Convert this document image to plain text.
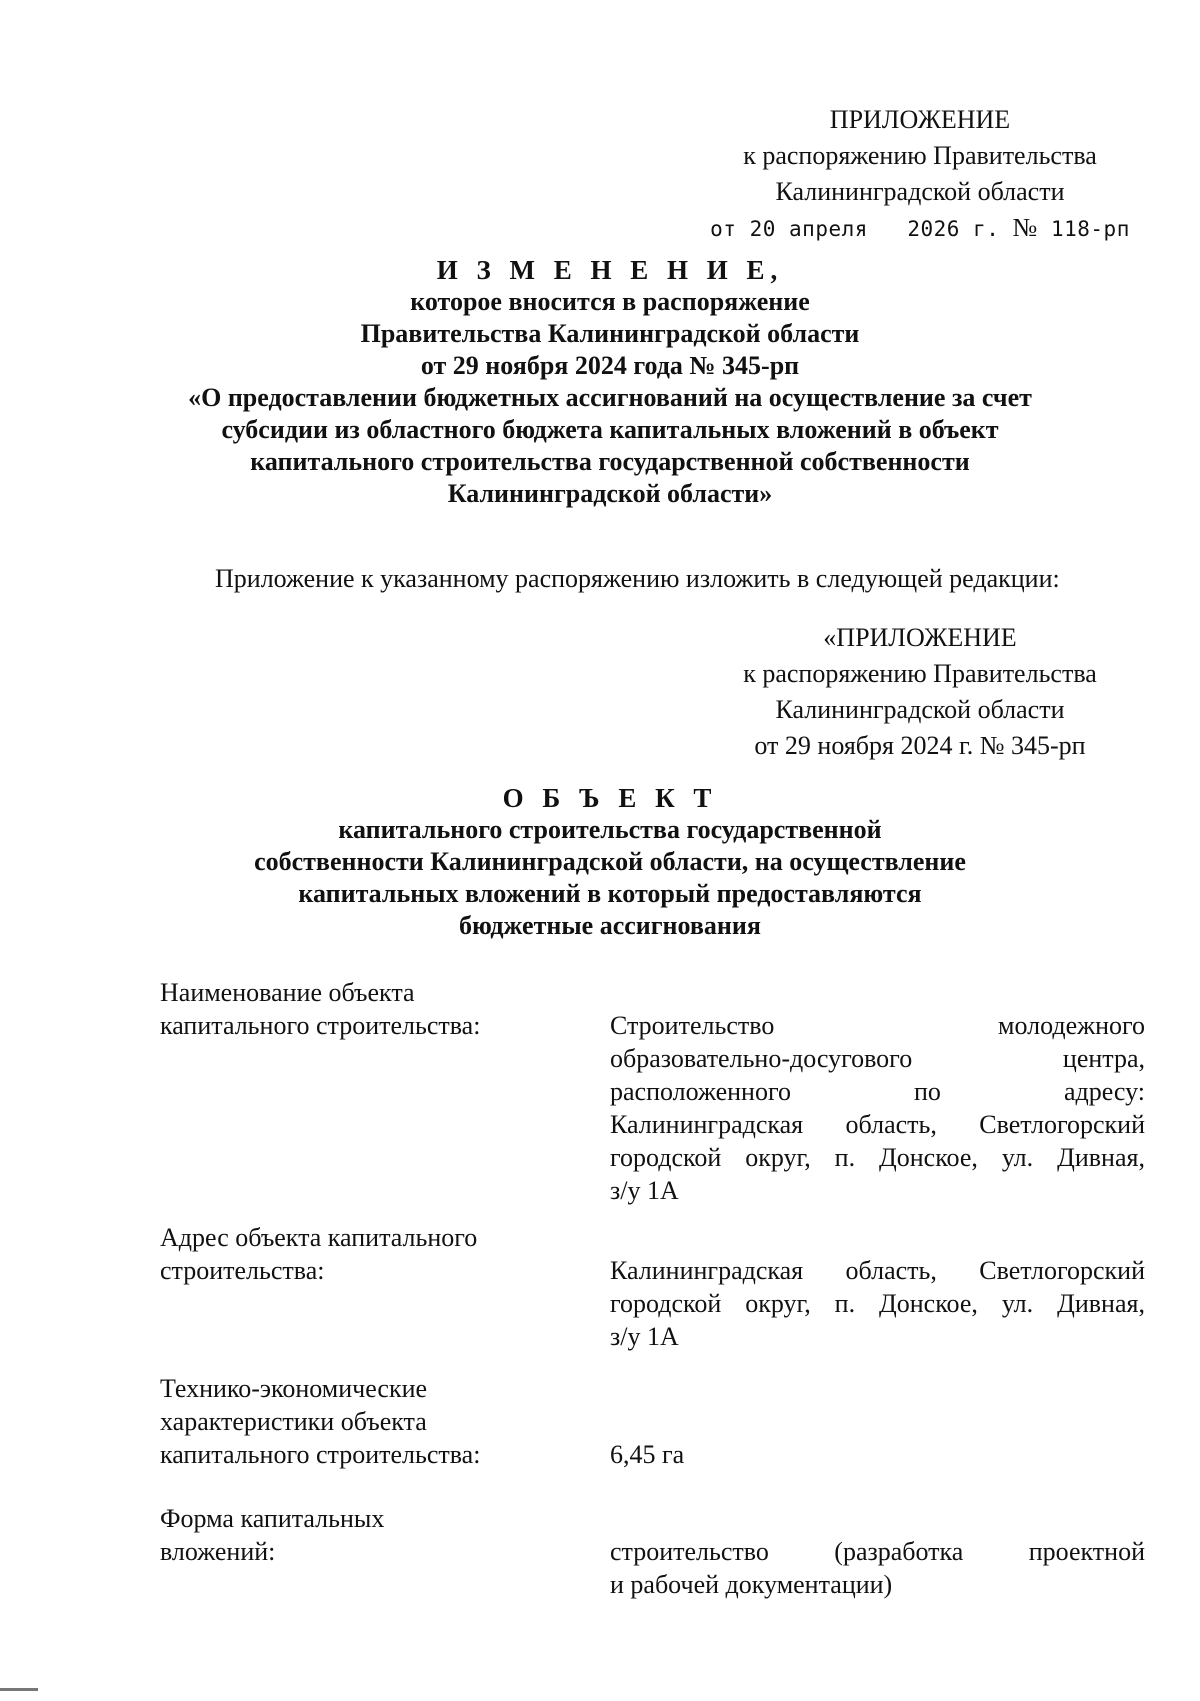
ПРИЛОЖЕНИЕ
к распоряжению Правительства
Калининградской области
от 20 апреля 2026 г. № 118-рп
И З М Е Н Е Н И Е,
которое вносится в распоряжение
Правительства Калининградской области
от 29 ноября 2024 года № 345-рп
«О предоставлении бюджетных ассигнований на осуществление за счет
субсидии из областного бюджета капитальных вложений в объект
капитального строительства государственной собственности
Калининградской области»
Приложение к указанному распоряжению изложить в следующей редакции:
«ПРИЛОЖЕНИЕ
к распоряжению Правительства
Калининградской области
от 29 ноября 2024 г. № 345-рп
О Б Ъ Е К Т
капитального строительства государственной
собственности Калининградской области, на осуществление
капитальных вложений в который предоставляются
бюджетные ассигнования
Наименование объекта
капитального строительства:	Строительство	молодежного
образовательно-досугового	центра,
расположенного	по	адресу:
Калининградская область, Светлогорский
городской округ, п. Донское, ул. Дивная,
з/у 1А
Адрес объекта капитального
строительства:	Калининградская область, Светлогорский
городской округ, п. Донское, ул. Дивная,
з/у 1А
Технико-экономические
характеристики объекта
капитального строительства:	6,45 га
Форма капитальных
вложений:	строительство	(разработка	проектной
и рабочей документации)
